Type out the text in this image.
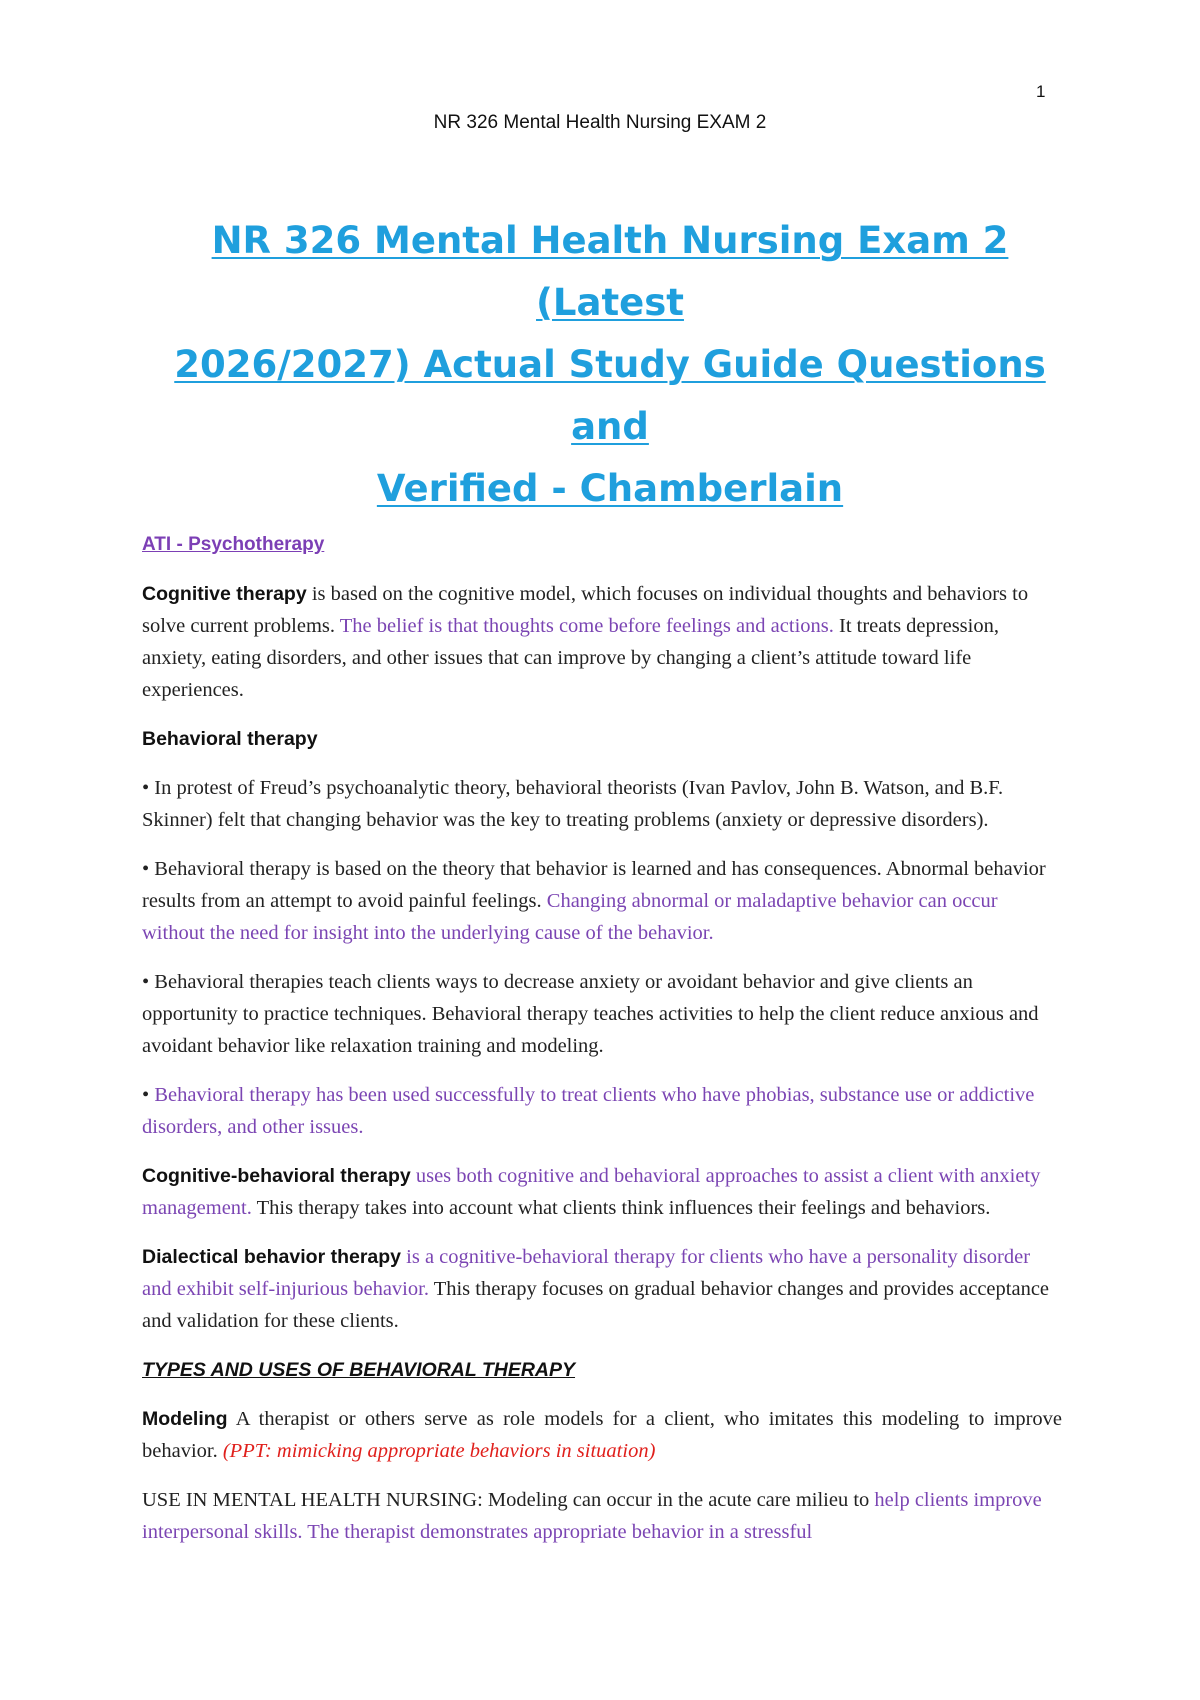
1
NR 326 Mental Health Nursing EXAM 2
NR 326 Mental Health Nursing Exam 2 (Latest
2026/2027) Actual Study Guide Questions and
Verified - Chamberlain

ATI - Psychotherapy

Cognitive therapy is based on the cognitive model, which focuses on individual thoughts and behaviors to solve current problems. The belief is that thoughts come before feelings and actions. It treats depression, anxiety, eating disorders, and other issues that can improve by changing a client’s attitude toward life experiences.

Behavioral therapy

• In protest of Freud’s psychoanalytic theory, behavioral theorists (Ivan Pavlov, John B. Watson, and B.F. Skinner) felt that changing behavior was the key to treating problems (anxiety or depressive disorders).

• Behavioral therapy is based on the theory that behavior is learned and has consequences. Abnormal behavior results from an attempt to avoid painful feelings. Changing abnormal or maladaptive behavior can occur without the need for insight into the underlying cause of the behavior.

• Behavioral therapies teach clients ways to decrease anxiety or avoidant behavior and give clients an opportunity to practice techniques. Behavioral therapy teaches activities to help the client reduce anxious and avoidant behavior like relaxation training and modeling.

• Behavioral therapy has been used successfully to treat clients who have phobias, substance use or addictive disorders, and other issues.

Cognitive-behavioral therapy uses both cognitive and behavioral approaches to assist a client with anxiety management. This therapy takes into account what clients think influences their feelings and behaviors.

Dialectical behavior therapy is a cognitive-behavioral therapy for clients who have a personality disorder and exhibit self-injurious behavior. This therapy focuses on gradual behavior changes and provides acceptance and validation for these clients.

TYPES AND USES OF BEHAVIORAL THERAPY

Modeling A therapist or others serve as role models for a client, who imitates this modeling to improve behavior. (PPT: mimicking appropriate behaviors in situation)

USE IN MENTAL HEALTH NURSING: Modeling can occur in the acute care milieu to help clients improve interpersonal skills. The therapist demonstrates appropriate behavior in a stressful
